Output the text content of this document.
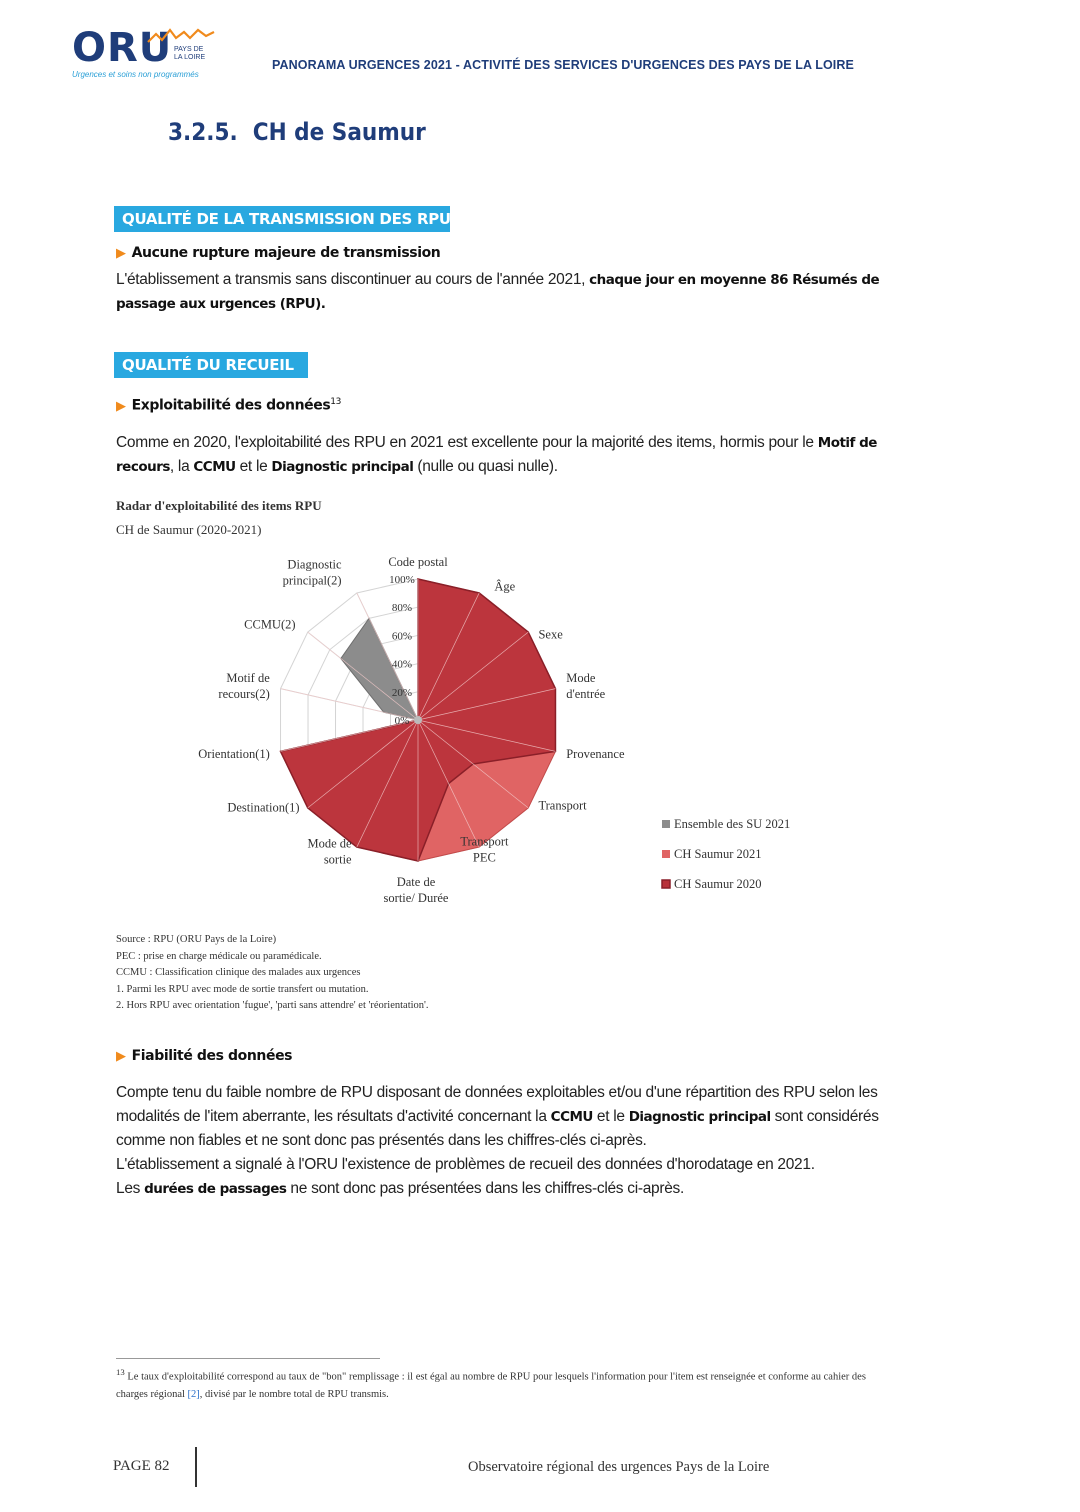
ORU PAYS DE
LA LOIRE
Urgences et soins non programmés
PANORAMA URGENCES 2021 - ACTIVITÉ DES SERVICES D'URGENCES DES PAYS DE LA LOIRE
3.2.5. CH de Saumur
QUALITÉ DE LA TRANSMISSION DES RPU
▶ Aucune rupture majeure de transmission
L'établissement a transmis sans discontinuer au cours de l'année 2021, chaque jour en moyenne 86 Résumés de passage aux urgences (RPU).
QUALITÉ DU RECUEIL
▶ Exploitabilité des données$^{13}$
Comme en 2020, l'exploitabilité des RPU en 2021 est excellente pour la majorité des items, hormis pour le Motif de recours, la CCMU et le Diagnostic principal (nulle ou quasi nulle).
Radar d'exploitabilité des items RPU
CH de Saumur (2020-2021)
0%
20%
40%
60%
80%
100%
Code postal
Âge
Sexe
Mode
d'entrée
Provenance
Transport
Transport
PEC
Date de
sortie/ Durée
Mode de
sortie
Destination(1)
Orientation(1)
Motif de
recours(2)
CCMU(2)
Diagnostic
principal(2)
Ensemble des SU 2021
CH Saumur 2021
CH Saumur 2020
Source : RPU (ORU Pays de la Loire)
PEC : prise en charge médicale ou paramédicale.
CCMU : Classification clinique des malades aux urgences
1. Parmi les RPU avec mode de sortie transfert ou mutation.
2. Hors RPU avec orientation 'fugue', 'parti sans attendre' et 'réorientation'.
▶ Fiabilité des données
Compte tenu du faible nombre de RPU disposant de données exploitables et/ou d'une répartition des RPU selon les modalités de l'item aberrante, les résultats d'activité concernant la CCMU et le Diagnostic principal sont considérés comme non fiables et ne sont donc pas présentés dans les chiffres-clés ci-après.
L'établissement a signalé à l'ORU l'existence de problèmes de recueil des données d'horodatage en 2021.
Les durées de passages ne sont donc pas présentées dans les chiffres-clés ci-après.
$^{13}$ Le taux d'exploitabilité correspond au taux de "bon" remplissage : il est égal au nombre de RPU pour lesquels l'information pour l'item est renseignée et conforme au cahier des charges régional [2], divisé par le nombre total de RPU transmis.
PAGE 82	Observatoire régional des urgences Pays de la Loire
